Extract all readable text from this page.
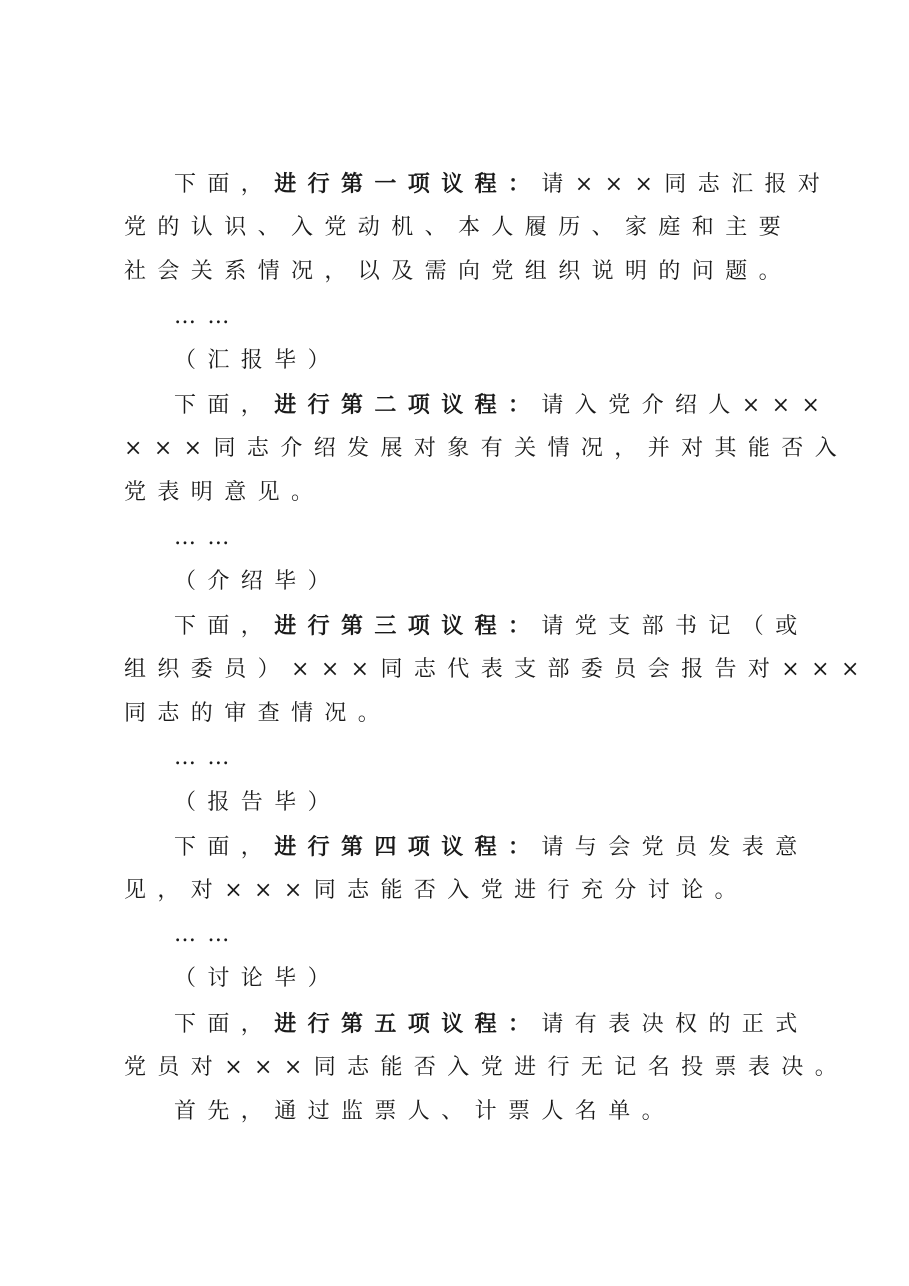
下面，进行第一项议程：请×××同志汇报对
党的认识、入党动机、本人履历、家庭和主要
社会关系情况，以及需向党组织说明的问题。
……
（汇报毕）
下面，进行第二项议程：请入党介绍人×××
×××同志介绍发展对象有关情况，并对其能否入
党表明意见。
……
（介绍毕）
下面，进行第三项议程：请党支部书记（或
组织委员）×××同志代表支部委员会报告对×××
同志的审查情况。
……
（报告毕）
下面，进行第四项议程：请与会党员发表意
见，对×××同志能否入党进行充分讨论。
……
（讨论毕）
下面，进行第五项议程：请有表决权的正式
党员对×××同志能否入党进行无记名投票表决。
首先，通过监票人、计票人名单。
